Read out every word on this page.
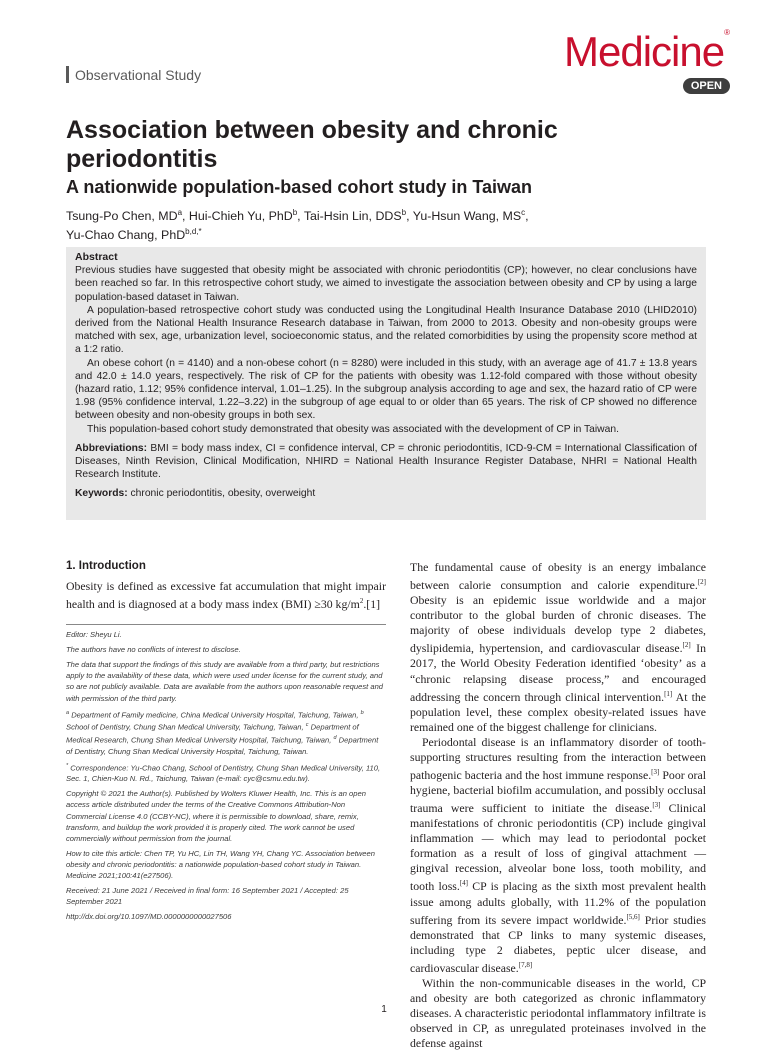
Observational Study	Medicine®
OPEN
Association between obesity and chronic periodontitis
A nationwide population-based cohort study in Taiwan
Tsung-Po Chen, $MD^a$, Hui-Chieh Yu, PhD$^b$, Tai-Hsin Lin, DDS$^b$, Yu-Hsun Wang, $MS^c$,
Yu-Chao Chang, PhD$^{b,d,*}$
Abstract

Previous studies have suggested that obesity might be associated with chronic periodontitis (CP); however, no clear conclusions have been reached so far. In this retrospective cohort study, we aimed to investigate the association between obesity and CP by using a large population-based dataset in Taiwan.

A population-based retrospective cohort study was conducted using the Longitudinal Health Insurance Database 2010 (LHID2010) derived from the National Health Insurance Research database in Taiwan, from 2000 to 2013. Obesity and non-obesity groups were matched with sex, age, urbanization level, socioeconomic status, and the related comorbidities by using the propensity score method at a 1:2 ratio.

An obese cohort (n = 4140) and a non-obese cohort (n = 8280) were included in this study, with an average age of 41.7 ± 13.8 years and 42.0 ± 14.0 years, respectively. The risk of CP for the patients with obesity was 1.12-fold compared with those without obesity (hazard ratio, 1.12; 95% confidence interval, 1.01–1.25). In the subgroup analysis according to age and sex, the hazard ratio of CP were 1.98 (95% confidence interval, 1.22–3.22) in the subgroup of age equal to or older than 65 years. The risk of CP showed no difference between obesity and non-obesity groups in both sex.

This population-based cohort study demonstrated that obesity was associated with the development of CP in Taiwan.

Abbreviations: BMI = body mass index, CI = confidence interval, CP = chronic periodontitis, ICD-9-CM = International Classification of Diseases, Ninth Revision, Clinical Modification, NHIRD = National Health Insurance Register Database, NHRI = National Health Research Institute.

Keywords: chronic periodontitis, obesity, overweight

1. Introduction

Obesity is defined as excessive fat accumulation that might impair health and is diagnosed at a body mass index (BMI) ≥30 $kg/m^2.[1]$

Editor: Sheyu Li.

The authors have no conflicts of interest to disclose.

The data that support the findings of this study are available from a third party, but restrictions apply to the availability of these data, which were used under license for the current study, and so are not publicly available. Data are available from the authors upon reasonable request and with permission of the third party.

$^a$ Department of Family medicine, China Medical University Hospital, Taichung, Taiwan, $^b$ School of Dentistry, Chung Shan Medical University, Taichung, Taiwan, $^c$ Department of Medical Research, Chung Shan Medical University Hospital, Taichung, Taiwan, $^d$ Department of Dentistry, Chung Shan Medical University Hospital, Taichung, Taiwan.

* Correspondence: Yu-Chao Chang, School of Dentistry, Chung Shan Medical University, 110, Sec. 1, Chien-Kuo N. Rd., Taichung, Taiwan (e-mail: cyc@csmu.edu.tw).

Copyright © 2021 the Author(s). Published by Wolters Kluwer Health, Inc. This is an open access article distributed under the terms of the Creative Commons Attribution-Non Commercial License 4.0 (CCBY-NC), where it is permissible to download, share, remix, transform, and buildup the work provided it is properly cited. The work cannot be used commercially without permission from the journal.

How to cite this article: Chen TP, Yu HC, Lin TH, Wang YH, Chang YC. Association between obesity and chronic periodontitis: a nationwide population-based cohort study in Taiwan. Medicine 2021;100:41(e27506).

Received: 21 June 2021 / Received in final form: 16 September 2021 / Accepted: 25 September 2021

http://dx.doi.org/10.1097/MD.0000000000027506

The fundamental cause of obesity is an energy imbalance between calorie consumption and calorie expenditure.[2] Obesity is an epidemic issue worldwide and a major contributor to the global burden of chronic diseases. The majority of obese individuals develop type 2 diabetes, dyslipidemia, hypertension, and cardiovascular disease.[2] In 2017, the World Obesity Federation identified ‘obesity’ as a “chronic relapsing disease process,” and encouraged addressing the concern through clinical intervention.[1] At the population level, these complex obesity-related issues have remained one of the biggest challenge for clinicians.

Periodontal disease is an inflammatory disorder of tooth-supporting structures resulting from the interaction between pathogenic bacteria and the host immune response.[3] Poor oral hygiene, bacterial biofilm accumulation, and possibly occlusal trauma were sufficient to initiate the disease.[3] Clinical manifestations of chronic periodontitis (CP) include gingival inflammation — which may lead to periodontal pocket formation as a result of loss of gingival attachment — gingival recession, alveolar bone loss, tooth mobility, and tooth loss.[4] CP is placing as the sixth most prevalent health issue among adults globally, with 11.2% of the population suffering from its severe impact worldwide.[5,6] Prior studies demonstrated that CP links to many systemic diseases, including type 2 diabetes, peptic ulcer disease, and cardiovascular disease.[7,8]

Within the non-communicable diseases in the world, CP and obesity are both categorized as chronic inflammatory diseases. A characteristic periodontal inflammatory infiltrate is observed in CP, as unregulated proteinases involved in the defense against

1
